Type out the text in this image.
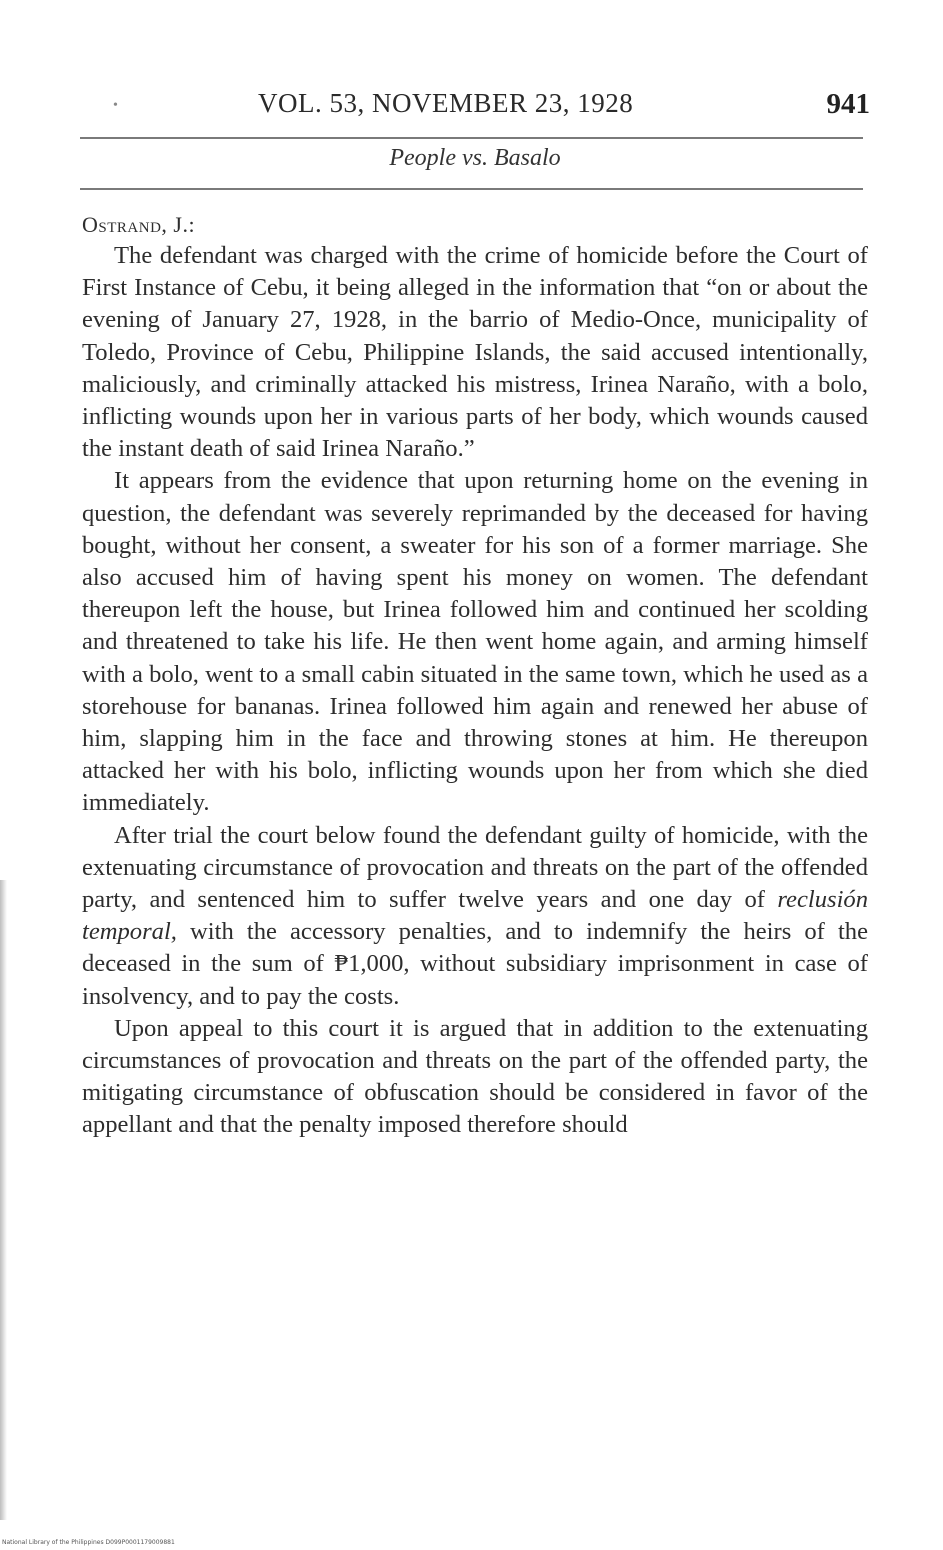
•	VOL. 53, NOVEMBER 23, 1928	941
People vs. Basalo
Ostrand, J.:

The defendant was charged with the crime of homicide before the Court of First Instance of Cebu, it being alleged in the information that “on or about the evening of January 27, 1928, in the barrio of Medio-Once, municipality of Toledo, Province of Cebu, Philippine Islands, the said accused intentionally, maliciously, and criminally attacked his mistress, Irinea Naraño, with a bolo, inflicting wounds upon her in various parts of her body, which wounds caused the instant death of said Irinea Naraño.”

It appears from the evidence that upon returning home on the evening in question, the defendant was severely reprimanded by the deceased for having bought, without her consent, a sweater for his son of a former marriage. She also accused him of having spent his money on women. The defendant thereupon left the house, but Irinea followed him and continued her scolding and threatened to take his life. He then went home again, and arming himself with a bolo, went to a small cabin situated in the same town, which he used as a storehouse for bananas. Irinea followed him again and renewed her abuse of him, slapping him in the face and throwing stones at him. He thereupon attacked her with his bolo, inflicting wounds upon her from which she died immediately.

After trial the court below found the defendant guilty of homicide, with the extenuating circumstance of provocation and threats on the part of the offended party, and sentenced him to suffer twelve years and one day of reclusión temporal, with the accessory penalties, and to indemnify the heirs of the deceased in the sum of ₱1,000, without subsidiary imprisonment in case of insolvency, and to pay the costs.

Upon appeal to this court it is argued that in addition to the extenuating circumstances of provocation and threats on the part of the offended party, the mitigating circumstance of obfuscation should be considered in favor of the appellant and that the penalty imposed therefore should

National Library of the Philippines D099P0001179009881
